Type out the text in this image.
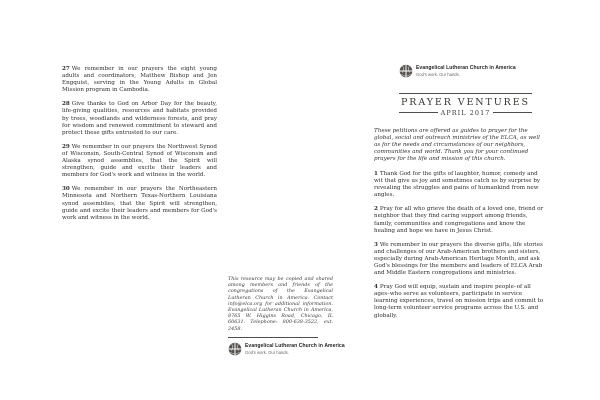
27 We remember in our prayers the eight young adults and coordinators, Matthew Bishop and Jen Engquist, serving in the Young Adults in Global Mission program in Cambodia.

28 Give thanks to God on Arbor Day for the beauty, life-giving qualities, resources and habitats provided by trees, woodlands and wilderness forests, and pray for wisdom and renewed commitment to steward and protect these gifts entrusted to our care.

29 We remember in our prayers the Northwest Synod of Wisconsin, South-Central Synod of Wisconsin and Alaska synod assemblies, that the Spirit will strengthen, guide and excite their leaders and members for God's work and witness in the world.

30 We remember in our prayers the Northeastern Minnesota and Northern Texas-Northern Louisiana synod assemblies, that the Spirit will strengthen, guide and excite their leaders and members for God's work and witness in the world.

This resource may be copied and shared among members and friends of the congregations of the Evangelical Lutheran Church in America. Contact info@elca.org for additional information. Evangelical Lutheran Church in America, 8765 W. Higgins Road, Chicago, IL 60631. Telephone: 800-638-3522, ext. 2458.

Evangelical Lutheran Church in America
God's work. Our hands.
Evangelical Lutheran Church in America
God's work. Our hands.
PRAYER VENTURES
APRIL 2017

These petitions are offered as guides to prayer for the global, social and outreach ministries of the ELCA, as well as for the needs and circumstances of our neighbors, communities and world. Thank you for your continued prayers for the life and mission of this church.

1 Thank God for the gifts of laughter, humor, comedy and wit that give us joy and sometimes catch us by surprise by revealing the struggles and pains of humankind from new angles.

2 Pray for all who grieve the death of a loved one, friend or neighbor that they find caring support among friends, family, communities and congregations and know the healing and hope we have in Jesus Christ.

3 We remember in our prayers the diverse gifts, life stories and challenges of our Arab-American brothers and sisters, especially during Arab-American Heritage Month, and ask God's blessings for the members and leaders of ELCA Arab and Middle Eastern congregations and ministries.

4 Pray God will equip, sustain and inspire people–of all ages–who serve as volunteers, participate in service learning experiences, travel on mission trips and commit to long-term volunteer service programs across the U.S. and globally.
